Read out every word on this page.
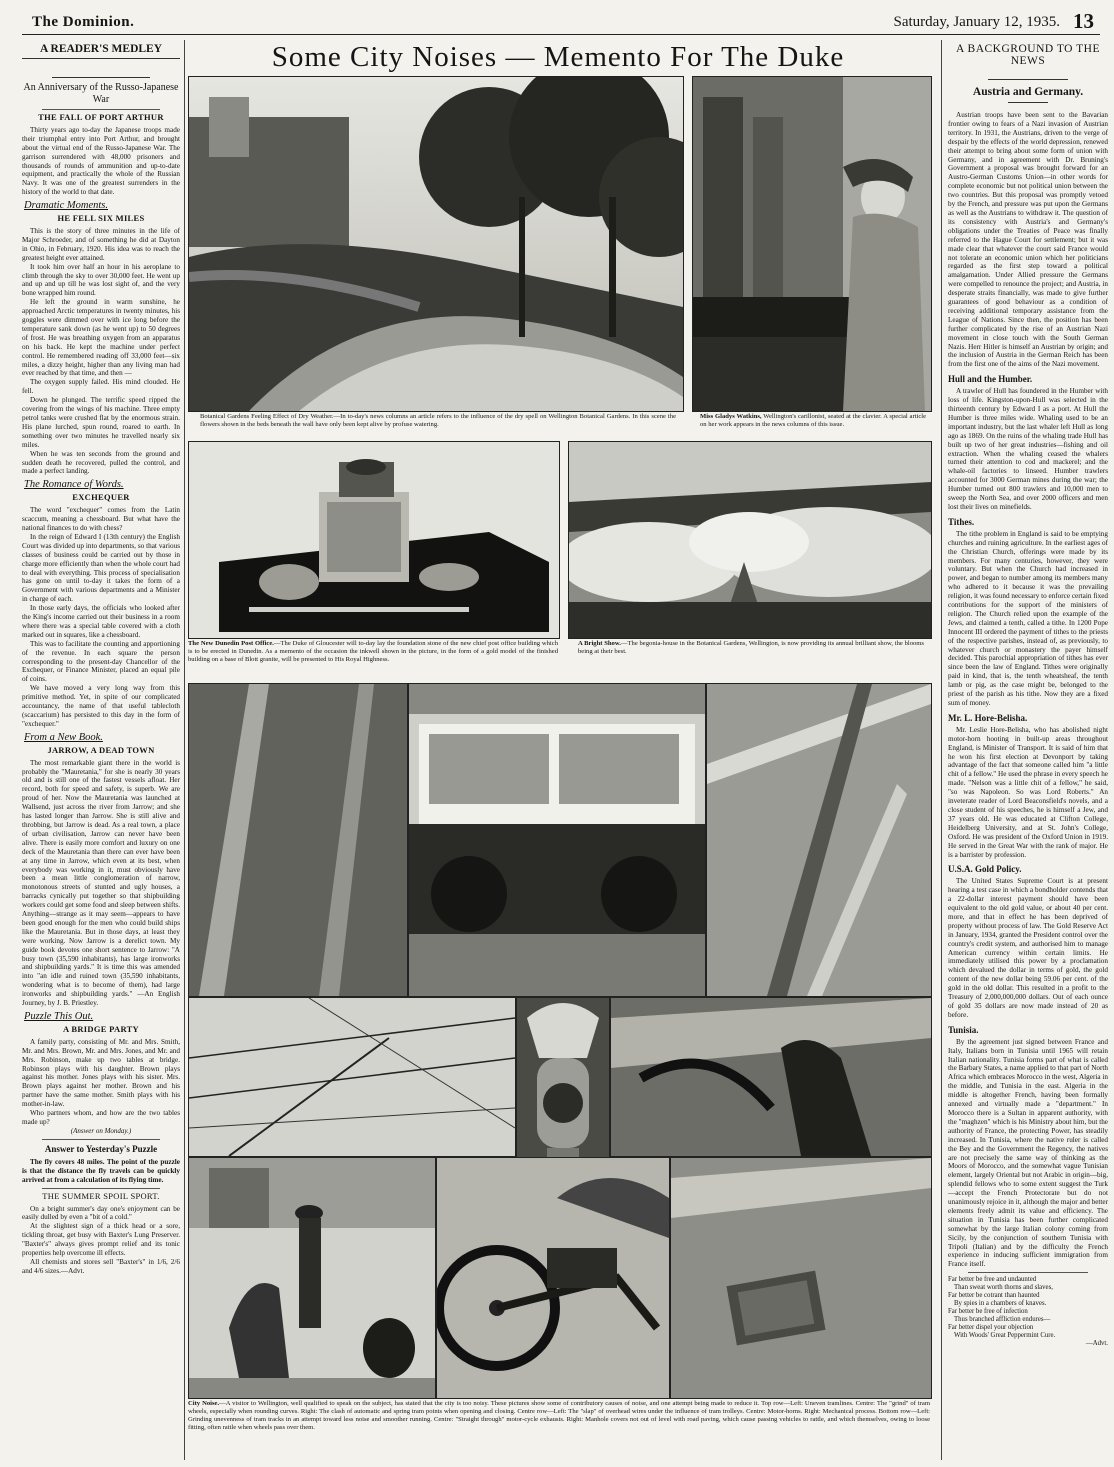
The Dominion.	Saturday, January 12, 1935. 13
A READER'S MEDLEY
An Anniversary of the Russo-Japanese War
THE FALL OF PORT ARTHUR

Thirty years ago to-day the Japanese troops made their triumphal entry into Port Arthur, and brought about the virtual end of the Russo-Japanese War. The garrison surrendered with 48,000 prisoners and thousands of rounds of ammunition and up-to-date equipment, and practically the whole of the Russian Navy. It was one of the greatest surrenders in the history of the world to that date.

Dramatic Moments.
HE FELL SIX MILES

This is the story of three minutes in the life of Major Schroeder, and of something he did at Dayton in Ohio, in February, 1920. His idea was to reach the greatest height ever attained.

It took him over half an hour in his aeroplane to climb through the sky to over 30,000 feet. He went up and up and up till he was lost sight of, and the very bone wrapped him round.

He left the ground in warm sunshine, he approached Arctic temperatures in twenty minutes, his goggles were dimmed over with ice long before the temperature sank down (as he went up) to 50 degrees of frost. He was breathing oxygen from an apparatus on his back. He kept the machine under perfect control. He remembered reading off 33,000 feet—six miles, a dizzy height, higher than any living man had ever reached by that time, and then —

The oxygen supply failed. His mind clouded. He fell.

Down he plunged. The terrific speed ripped the covering from the wings of his machine. Three empty petrol tanks were crushed flat by the enormous strain. His plane lurched, spun round, roared to earth. In something over two minutes he travelled nearly six miles.

When he was ten seconds from the ground and sudden death he recovered, pulled the control, and made a perfect landing.

The Romance of Words.
EXCHEQUER

The word "exchequer" comes from the Latin scaccum, meaning a chessboard. But what have the national finances to do with chess?

In the reign of Edward I (13th century) the English Court was divided up into departments, so that various classes of business could be carried out by those in charge more efficiently than when the whole court had to deal with everything. This process of specialisation has gone on until to-day it takes the form of a Government with various departments and a Minister in charge of each.

In those early days, the officials who looked after the King's income carried out their business in a room where there was a special table covered with a cloth marked out in squares, like a chessboard.

This was to facilitate the counting and apportioning of the revenue. In each square the person corresponding to the present-day Chancellor of the Exchequer, or Finance Minister, placed an equal pile of coins.

We have moved a very long way from this primitive method. Yet, in spite of our complicated accountancy, the name of that useful tablecloth (scaccarium) has persisted to this day in the form of "exchequer."

From a New Book.
JARROW, A DEAD TOWN

The most remarkable giant there in the world is probably the "Mauretania," for she is nearly 30 years old and is still one of the fastest vessels afloat. Her record, both for speed and safety, is superb. We are proud of her. Now the Mauretania was launched at Wallsend, just across the river from Jarrow; and she has lasted longer than Jarrow. She is still alive and throbbing, but Jarrow is dead. As a real town, a place of urban civilisation, Jarrow can never have been alive. There is easily more comfort and luxury on one deck of the Mauretania than there can ever have been at any time in Jarrow, which even at its best, when everybody was working in it, must obviously have been a mean little conglomeration of narrow, monotonous streets of stunted and ugly houses, a barracks cynically put together so that shipbuilding workers could get some food and sleep between shifts. Anything—strange as it may seem—appears to have been good enough for the men who could build ships like the Mauretania. But in those days, at least they were working. Now Jarrow is a derelict town. My guide book devotes one short sentence to Jarrow: "A busy town (35,590 inhabitants), has large ironworks and shipbuilding yards." It is time this was amended into "an idle and ruined town (35,590 inhabitants, wondering what is to become of them), had large ironworks and shipbuilding yards." —An English Journey, by J. B. Priestley.

Puzzle This Out.
A BRIDGE PARTY

A family party, consisting of Mr. and Mrs. Smith, Mr. and Mrs. Brown, Mr. and Mrs. Jones, and Mr. and Mrs. Robinson, make up two tables at bridge. Robinson plays with his daughter. Brown plays against his mother. Jones plays with his sister. Mrs. Brown plays against her mother. Brown and his partner have the same mother. Smith plays with his mother-in-law.

Who partners whom, and how are the two tables made up?

(Answer on Monday.)
Answer to Yesterday's Puzzle

The fly covers 48 miles. The point of the puzzle is that the distance the fly travels can be quickly arrived at from a calculation of its flying time.

THE SUMMER SPOIL SPORT.

On a bright summer's day one's enjoyment can be easily dulled by even a "bit of a cold."

At the slightest sign of a thick head or a sore, tickling throat, get busy with Baxter's Lung Preserver. "Baxter's" always gives prompt relief and its tonic properties help overcome ill effects.

All chemists and stores sell "Baxter's" in 1/6, 2/6 and 4/6 sizes.—Advt.

Some City Noises — Memento For The Duke
Botanical Gardens Feeling Effect of Dry Weather.—In to-day's news columns an article refers to the influence of the dry spell on Wellington Botanical Gardens. In this scene the flowers shown in the beds beneath the wall have only been kept alive by profuse watering.
Miss Gladys Watkins, Wellington's carillonist, seated at the clavier. A special article on her work appears in the news columns of this issue.
The New Dunedin Post Office.—The Duke of Gloucester will to-day lay the foundation stone of the new chief post office building which is to be erected in Dunedin. As a memento of the occasion the inkwell shown in the picture, in the form of a gold model of the finished building on a base of Blott granite, will be presented to His Royal Highness.
A Bright Show.—The begonia-house in the Botanical Gardens, Wellington, is now providing its annual brilliant show, the blooms being at their best.
City Noise.—A visitor to Wellington, well qualified to speak on the subject, has stated that the city is too noisy. These pictures show some of contributory causes of noise, and one attempt being made to reduce it. Top row—Left: Uneven tramlines. Centre: The "grind" of tram wheels, especially when rounding curves. Right: The clash of automatic and spring tram points when opening and closing. Centre row—Left: The "slap" of overhead wires under the influence of tram trolleys. Centre: Motor-horns. Right: Mechanical process. Bottom row—Left: Grinding unevenness of tram tracks in an attempt toward less noise and smoother running. Centre: "Straight through" motor-cycle exhausts. Right: Manhole covers not out of level with road paving, which cause passing vehicles to rattle, and which themselves, owing to loose fitting, often rattle when wheels pass over them.
A BACKGROUND TO THE NEWS
Austria and Germany.

Austrian troops have been sent to the Bavarian frontier owing to fears of a Nazi invasion of Austrian territory. In 1931, the Austrians, driven to the verge of despair by the effects of the world depression, renewed their attempt to bring about some form of union with Germany, and in agreement with Dr. Bruning's Government a proposal was brought forward for an Austro-German Customs Union—in other words for complete economic but not political union between the two countries. But this proposal was promptly vetoed by the French, and pressure was put upon the Germans as well as the Austrians to withdraw it. The question of its consistency with Austria's and Germany's obligations under the Treaties of Peace was finally referred to the Hague Court for settlement; but it was made clear that whatever the court said France would not tolerate an economic union which her politicians regarded as the first step toward a political amalgamation. Under Allied pressure the Germans were compelled to renounce the project; and Austria, in desperate straits financially, was made to give further guarantees of good behaviour as a condition of receiving additional temporary assistance from the League of Nations. Since then, the position has been further complicated by the rise of an Austrian Nazi movement in close touch with the South German Nazis. Herr Hitler is himself an Austrian by origin; and the inclusion of Austria in the German Reich has been from the first one of the aims of the Nazi movement.

Hull and the Humber.

A trawler of Hull has foundered in the Humber with loss of life. Kingston-upon-Hull was selected in the thirteenth century by Edward I as a port. At Hull the Humber is three miles wide. Whaling used to be an important industry, but the last whaler left Hull as long ago as 1869. On the ruins of the whaling trade Hull has built up two of her great industries—fishing and oil extraction. When the whaling ceased the whalers turned their attention to cod and mackerel; and the whale-oil factories to linseed. Humber trawlers accounted for 3000 German mines during the war; the Humber turned out 800 trawlers and 10,000 men to sweep the North Sea, and over 2000 officers and men lost their lives on minefields.

Tithes.

The tithe problem in England is said to be emptying churches and ruining agriculture. In the earliest ages of the Christian Church, offerings were made by its members. For many centuries, however, they were voluntary. But when the Church had increased in power, and began to number among its members many who adhered to it because it was the prevailing religion, it was found necessary to enforce certain fixed contributions for the support of the ministers of religion. The Church relied upon the example of the Jews, and claimed a tenth, called a tithe. In 1200 Pope Innocent III ordered the payment of tithes to the priests of the respective parishes, instead of, as previously, to whatever church or monastery the payer himself decided. This parochial appropriation of tithes has ever since been the law of England. Tithes were originally paid in kind, that is, the tenth wheatsheaf, the tenth lamb or pig, as the case might be, belonged to the priest of the parish as his tithe. Now they are a fixed sum of money.

Mr. L. Hore-Belisha.

Mr. Leslie Hore-Belisha, who has abolished night motor-horn hooting in built-up areas throughout England, is Minister of Transport. It is said of him that he won his first election at Devonport by taking advantage of the fact that someone called him "a little chit of a fellow." He used the phrase in every speech he made. "Nelson was a little chit of a fellow," he said, "so was Napoleon. So was Lord Roberts." An inveterate reader of Lord Beaconsfield's novels, and a close student of his speeches, he is himself a Jew, and 37 years old. He was educated at Clifton College, Heidelberg University, and at St. John's College, Oxford. He was president of the Oxford Union in 1919. He served in the Great War with the rank of major. He is a barrister by profession.

U.S.A. Gold Policy.

The United States Supreme Court is at present hearing a test case in which a bondholder contends that a 22-dollar interest payment should have been equivalent to the old gold value, or about 40 per cent. more, and that in effect he has been deprived of property without process of law. The Gold Reserve Act in January, 1934, granted the President control over the country's credit system, and authorised him to manage American currency within certain limits. He immediately utilised this power by a proclamation which devalued the dollar in terms of gold, the gold content of the new dollar being 59.06 per cent. of the gold in the old dollar. This resulted in a profit to the Treasury of 2,000,000,000 dollars. Out of each ounce of gold 35 dollars are now made instead of 20 as before.

Tunisia.

By the agreement just signed between France and Italy, Italians born in Tunisia until 1965 will retain Italian nationality. Tunisia forms part of what is called the Barbary States, a name applied to that part of North Africa which embraces Morocco in the west, Algeria in the middle, and Tunisia in the east. Algeria in the middle is altogether French, having been formally annexed and virtually made a "department." In Morocco there is a Sultan in apparent authority, with the "maghzen" which is his Ministry about him, but the authority of France, the protecting Power, has steadily increased. In Tunisia, where the native ruler is called the Bey and the Government the Regency, the natives are not precisely the same way of thinking as the Moors of Morocco, and the somewhat vague Tunisian element, largely Oriental but not Arabic in origin—big, splendid fellows who to some extent suggest the Turk—accept the French Protectorate but do not unanimously rejoice in it, although the major and better elements freely admit its value and efficiency. The situation in Tunisia has been further complicated somewhat by the large Italian colony coming from Sicily, by the conjunction of southern Tunisia with Tripoli (Italian) and by the difficulty the French experience in inducing sufficient immigration from France itself.

Far better be free and undaunted
Than sweat worth thorns and slaves,
Far better be cotrant than haunted
By spies in a chambers of knaves.
Far better be free of infection
Thus branched affliction endures—
Far better dispel your objection
With Woods' Great Peppermint Cure.
—Advt.
